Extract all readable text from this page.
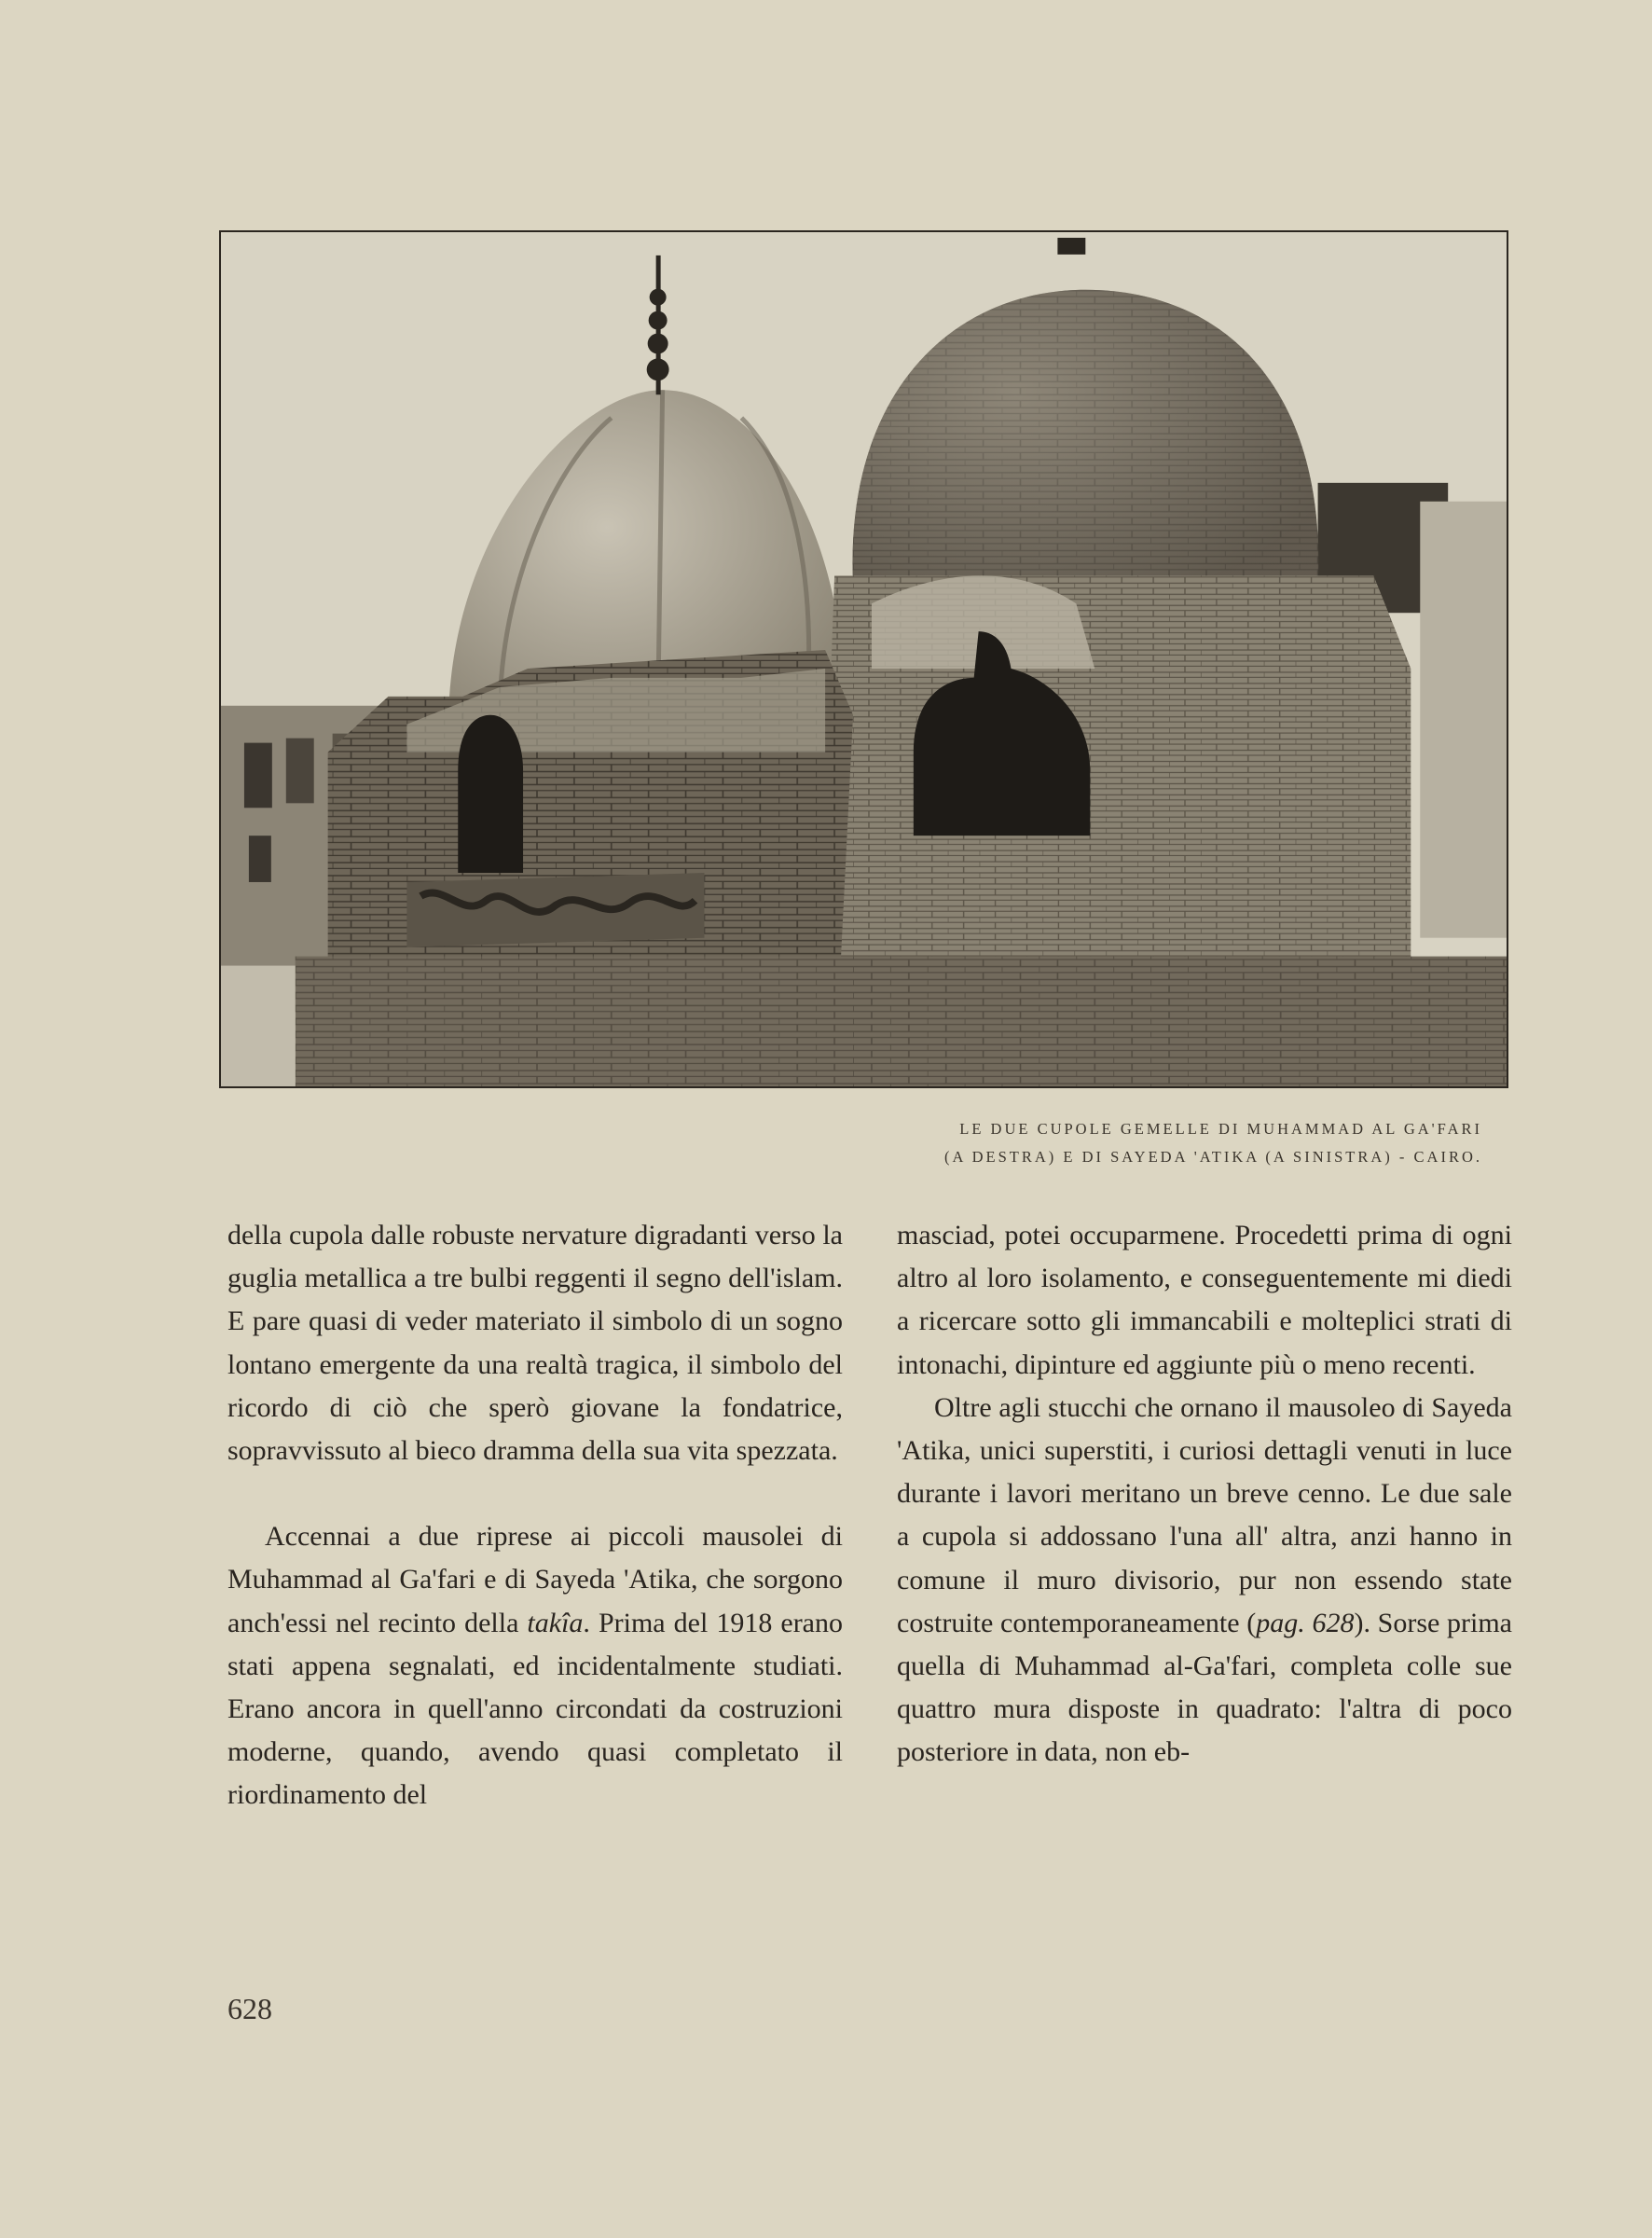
LE DUE CUPOLE GEMELLE DI MUHAMMAD AL GA'FARI
(A DESTRA) E DI SAYEDA 'ATIKA (A SINISTRA) - CAIRO.

della cupola dalle robuste nervature digradanti verso la guglia metallica a tre bulbi reggenti il segno dell'islam. E pare quasi di veder materiato il simbolo di un sogno lontano emergente da una realtà tragica, il simbolo del ricordo di ciò che sperò giovane la fondatrice, sopravvissuto al bieco dramma della sua vita spezzata.

Accennai a due riprese ai piccoli mausolei di Muhammad al Ga'fari e di Sayeda 'Atika, che sorgono anch'essi nel recinto della takîa. Prima del 1918 erano stati appena segnalati, ed incidentalmente studiati. Erano ancora in quell'anno circondati da costruzioni moderne, quando, avendo quasi completato il riordinamento del

masciad, potei occuparmene. Procedetti prima di ogni altro al loro isolamento, e conseguentemente mi diedi a ricercare sotto gli immancabili e molteplici strati di intonachi, dipinture ed aggiunte più o meno recenti.

Oltre agli stucchi che ornano il mausoleo di Sayeda 'Atika, unici superstiti, i curiosi dettagli venuti in luce durante i lavori meritano un breve cenno. Le due sale a cupola si addossano l'una all' altra, anzi hanno in comune il muro divisorio, pur non essendo state costruite contemporaneamente (pag. 628). Sorse prima quella di Muhammad al-Ga'fari, completa colle sue quattro mura disposte in quadrato: l'altra di poco posteriore in data, non eb-

628
